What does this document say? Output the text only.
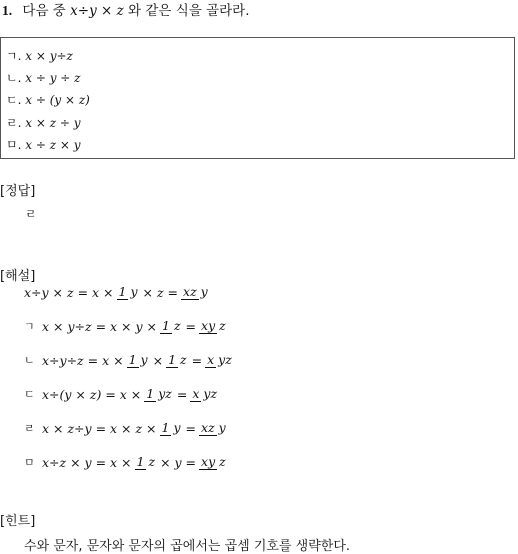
1. 다음 중 x÷y × z 와 같은 식을 골라라.
ㄱ. x × y÷z
ㄴ. x ÷ y ÷ z
ㄷ. x ÷ (y × z)
ㄹ. x × z ÷ y
ㅁ. x ÷ z × y
[정답]
ㄹ
[해설]
x÷y × z = x × 1 y × z = xz y
ㄱ x × y÷z = x × y × 1 z = xy z
ㄴ x÷y÷z = x × 1 y × 1 z = x yz
ㄷ x÷(y × z) = x × 1 yz = x yz
ㄹ x × z÷y = x × z × 1 y = xz y
ㅁ x÷z × y = x × 1 z × y = xy z
[힌트]
수와 문자, 문자와 문자의 곱에서는 곱셈 기호를 생략한다.
